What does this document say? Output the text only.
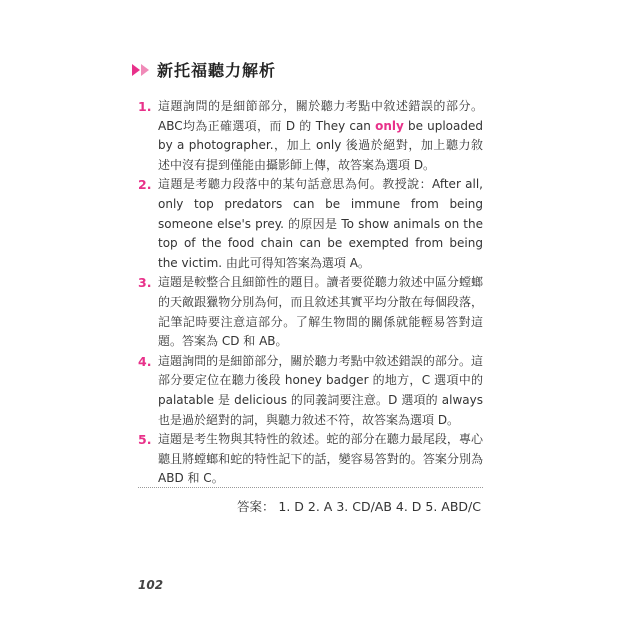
新托福聽力解析
1. 這題詢問的是細節部分，關於聽力考點中敘述錯誤的部分。ABC均為正確選項，而 D 的 They can only be uploaded by a photographer.，加上 only 後過於絕對，加上聽力敘述中沒有提到僅能由攝影師上傳，故答案為選項 D。
2. 這題是考聽力段落中的某句話意思為何。教授說：After all, only top predators can be immune from being someone else's prey. 的原因是 To show animals on the top of the food chain can be exempted from being the victim. 由此可得知答案為選項 A。
3. 這題是較整合且細節性的題目。讀者要從聽力敘述中區分螳螂的天敵跟獵物分別為何，而且敘述其實平均分散在每個段落，記筆記時要注意這部分。了解生物間的關係就能輕易答對這題。答案為 CD 和 AB。
4. 這題詢問的是細節部分，關於聽力考點中敘述錯誤的部分。這部分要定位在聽力後段 honey badger 的地方，C 選項中的 palatable 是 delicious 的同義詞要注意。D 選項的 always 也是過於絕對的詞，與聽力敘述不符，故答案為選項 D。
5. 這題是考生物與其特性的敘述。蛇的部分在聽力最尾段，專心聽且將螳螂和蛇的特性記下的話，變容易答對的。答案分別為 ABD 和 C。
答案： 1. D 2. A 3. CD/AB 4. D 5. ABD/C
102
